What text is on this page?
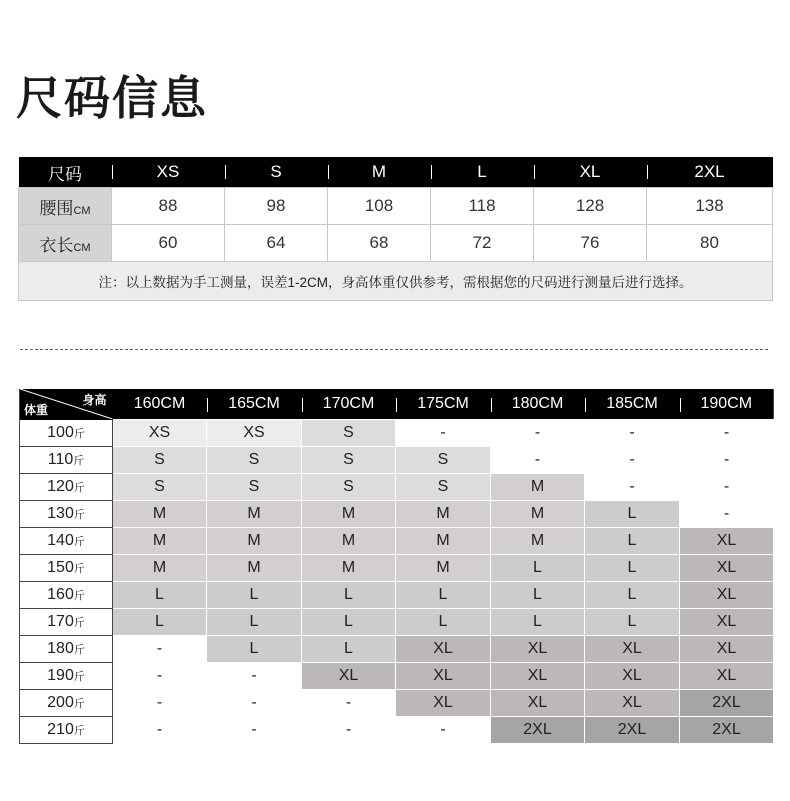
尺码信息
尺码	XS	S	M	L	XL	2XL
腰围CM	88	98	108	118	128	138
衣长CM	60	64	68	72	76	80
注：以上数据为手工测量，误差1-2CM，身高体重仅供参考，需根据您的尺码进行测量后进行选择。						
身高
体重	160CM	165CM	170CM	175CM	180CM	185CM	190CM
100斤	XS	XS	S	-	-	-	-
110斤	S	S	S	S	-	-	-
120斤	S	S	S	S	M	-	-
130斤	M	M	M	M	M	L	-
140斤	M	M	M	M	M	L	XL
150斤	M	M	M	M	L	L	XL
160斤	L	L	L	L	L	L	XL
170斤	L	L	L	L	L	L	XL
180斤	-	L	L	XL	XL	XL	XL
190斤	-	-	XL	XL	XL	XL	XL
200斤	-	-	-	XL	XL	XL	2XL
210斤	-	-	-	-	2XL	2XL	2XL
